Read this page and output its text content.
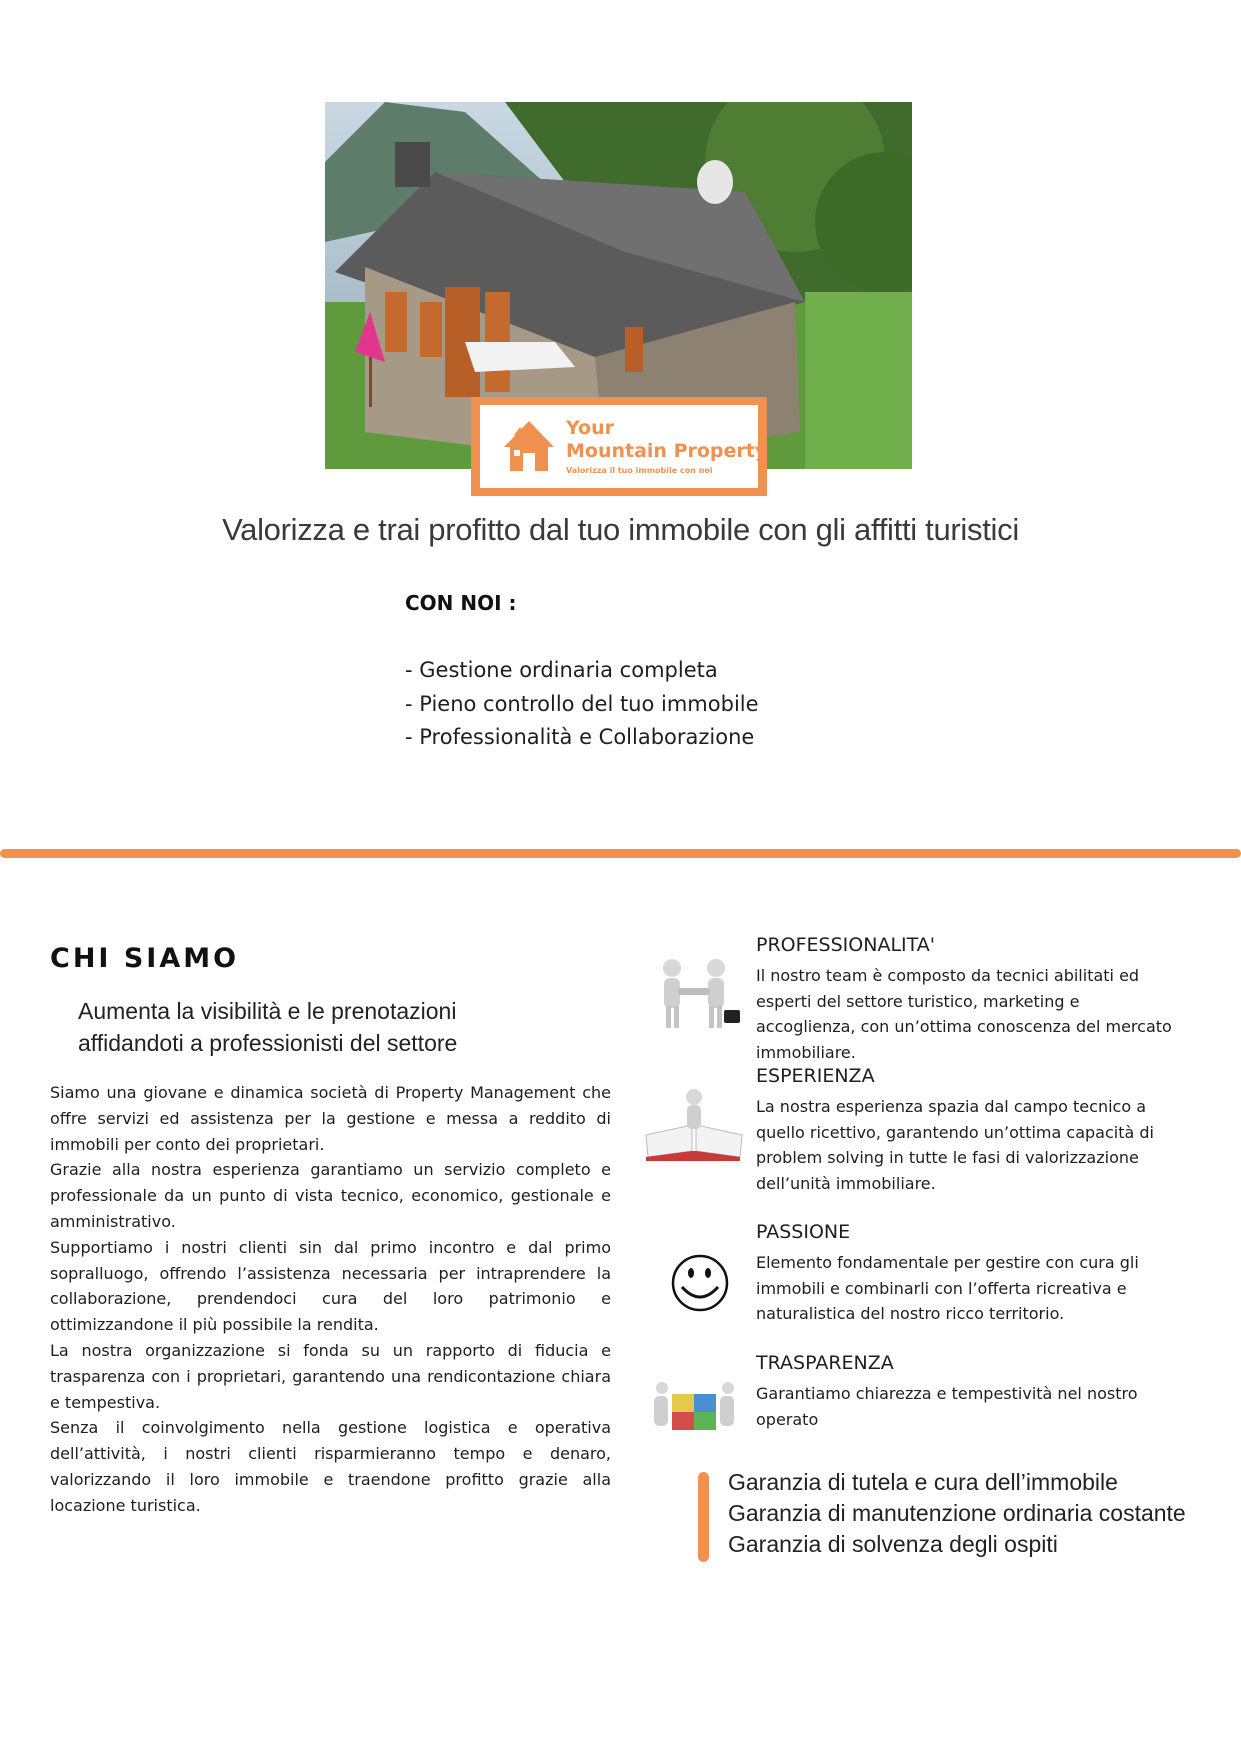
Your
Mountain Property
Valorizza il tuo immobile con noi
Valorizza e trai profitto dal tuo immobile con gli affitti turistici
CON NOI :
- Gestione ordinaria completa
- Pieno controllo del tuo immobile
- Professionalità e Collaborazione
CHI SIAMO
Aumenta la visibilità e le prenotazioni
affidandoti a professionisti del settore

Siamo una giovane e dinamica società di Property Management che offre servizi ed assistenza per la gestione e messa a reddito di immobili per conto dei proprietari.

Grazie alla nostra esperienza garantiamo un servizio completo e professionale da un punto di vista tecnico, economico, gestionale e amministrativo.

Supportiamo i nostri clienti sin dal primo incontro e dal primo sopralluogo, offrendo l’assistenza necessaria per intraprendere la collaborazione, prendendoci cura del loro patrimonio e ottimizzandone il più possibile la rendita.

La nostra organizzazione si fonda su un rapporto di fiducia e trasparenza con i proprietari, garantendo una rendicontazione chiara e tempestiva.

Senza il coinvolgimento nella gestione logistica e operativa dell’attività, i nostri clienti risparmieranno tempo e denaro, valorizzando il loro immobile e traendone profitto grazie alla locazione turistica.

PROFESSIONALITA'
Il nostro team è composto da tecnici abilitati ed esperti del settore turistico, marketing e accoglienza, con un’ottima conoscenza del mercato immobiliare.
ESPERIENZA
La nostra esperienza spazia dal campo tecnico a quello ricettivo, garantendo un’ottima capacità di problem solving in tutte le fasi di valorizzazione dell’unità immobiliare.
PASSIONE
Elemento fondamentale per gestire con cura gli immobili e combinarli con l’offerta ricreativa e naturalistica del nostro ricco territorio.
TRASPARENZA
Garantiamo chiarezza e tempestività nel nostro operato
Garanzia di tutela e cura dell’immobile
Garanzia di manutenzione ordinaria costante
Garanzia di solvenza degli ospiti
